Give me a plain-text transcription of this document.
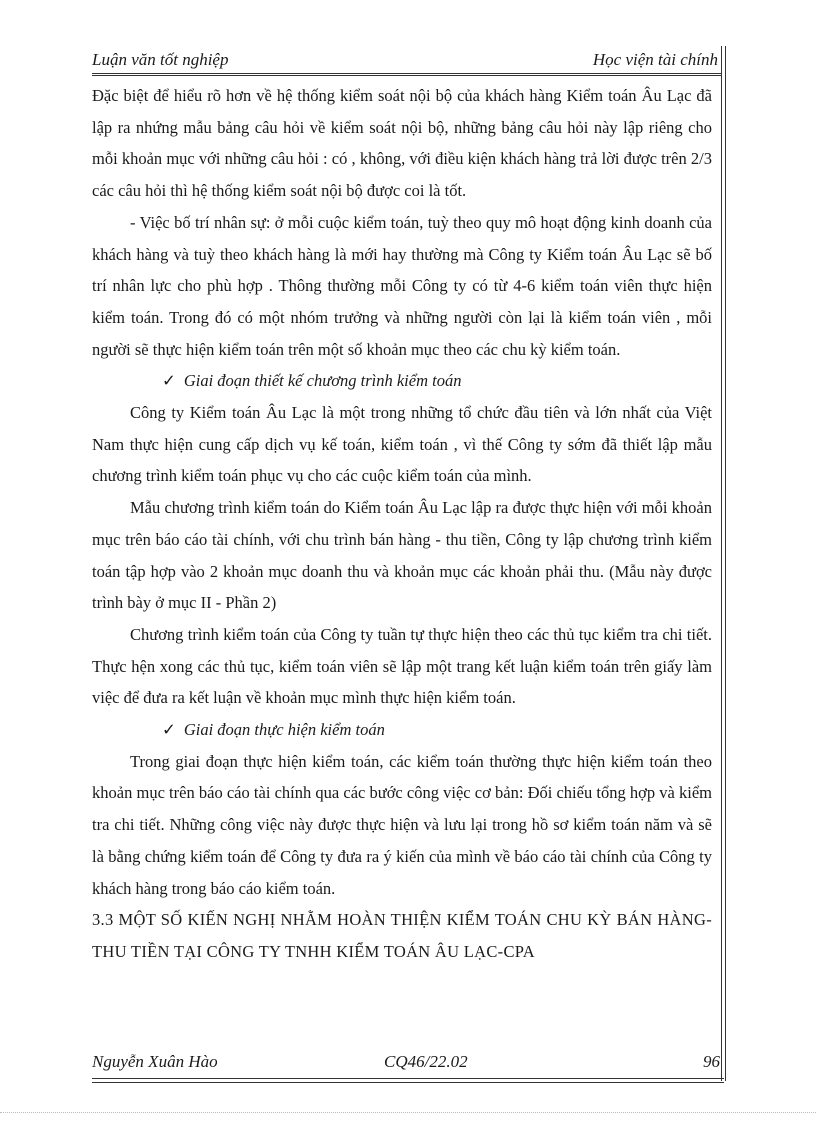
Luận văn tốt nghiệp	Học viện tài chính

Đặc biệt để hiểu rõ hơn về hệ thống kiểm soát nội bộ của khách hàng Kiểm toán Âu Lạc đã lập ra nhứng mẫu bảng câu hỏi về kiểm soát nội bộ, những bảng câu hỏi này lập riêng cho mỗi khoản mục với những câu hỏi : có , không, với điều kiện khách hàng trả lời được trên 2/3 các câu hỏi thì hệ thống kiểm soát nội bộ được coi là tốt.

- Việc bố trí nhân sự: ở mỗi cuộc kiểm toán, tuỳ theo quy mô hoạt động kinh doanh của khách hàng và tuỳ theo khách hàng là mới hay thường mà Công ty Kiểm toán Âu Lạc sẽ bố trí nhân lực cho phù hợp . Thông thường mỗi Công ty có từ 4-6 kiểm toán viên thực hiện kiểm toán. Trong đó có một nhóm trưởng và những người còn lại là kiểm toán viên , mỗi người sẽ thực hiện kiểm toán trên một số khoản mục theo các chu kỳ kiểm toán.

✓ Giai đoạn thiết kế chương trình kiểm toán

Công ty Kiểm toán Âu Lạc là một trong những tổ chức đầu tiên và lớn nhất của Việt Nam thực hiện cung cấp dịch vụ kế toán, kiểm toán , vì thế Công ty sớm đã thiết lập mẫu chương trình kiểm toán phục vụ cho các cuộc kiểm toán của mình.

Mẫu chương trình kiểm toán do Kiểm toán Âu Lạc lập ra được thực hiện với mỗi khoản mục trên báo cáo tài chính, với chu trình bán hàng - thu tiền, Công ty lập chương trình kiểm toán tập hợp vào 2 khoản mục doanh thu và khoản mục các khoản phải thu. (Mẫu này được trình bày ở mục II - Phần 2)

Chương trình kiểm toán của Công ty tuần tự thực hiện theo các thủ tục kiểm tra chi tiết. Thực hện xong các thủ tục, kiểm toán viên sẽ lập một trang kết luận kiểm toán trên giấy làm việc để đưa ra kết luận về khoản mục mình thực hiện kiểm toán.

✓ Giai đoạn thực hiện kiểm toán

Trong giai đoạn thực hiện kiểm toán, các kiểm toán thường thực hiện kiểm toán theo khoản mục trên báo cáo tài chính qua các bước công việc cơ bản: Đối chiếu tổng hợp và kiểm tra chi tiết. Những công việc này được thực hiện và lưu lại trong hồ sơ kiểm toán năm và sẽ là bằng chứng kiểm toán để Công ty đưa ra ý kiến của mình về báo cáo tài chính của Công ty khách hàng trong báo cáo kiểm toán.

3.3 MỘT SỐ KIẾN NGHỊ NHẰM HOÀN THIỆN KIỂM TOÁN CHU KỲ BÁN HÀNG-THU TIỀN TẠI CÔNG TY TNHH KIỂM TOÁN ÂU LẠC-CPA

Nguyễn Xuân Hào	CQ46/22.02	96
